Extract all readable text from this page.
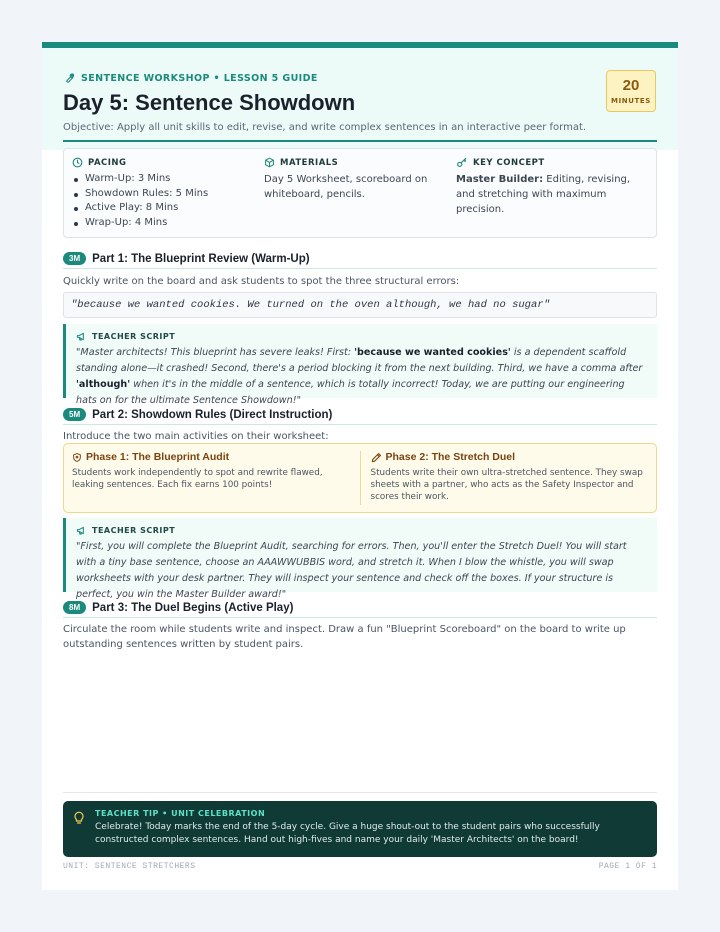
SENTENCE WORKSHOP • LESSON 5 GUIDE
Day 5: Sentence Showdown
Objective: Apply all unit skills to edit, revise, and write complex sentences in an interactive peer format.
20
MINUTES
PACING
Warm-Up: 3 Mins
Showdown Rules: 5 Mins
Active Play: 8 Mins
Wrap-Up: 4 Mins
MATERIALS
Day 5 Worksheet, scoreboard on whiteboard, pencils.
KEY CONCEPT
Master Builder: Editing, revising, and stretching with maximum precision.
3M	Part 1: The Blueprint Review (Warm-Up)
Quickly write on the board and ask students to spot the three structural errors:
"because we wanted cookies. We turned on the oven although, we had no sugar"
TEACHER SCRIPT
"Master architects! This blueprint has severe leaks! First: 'because we wanted cookies' is a dependent scaffold standing alone—it crashed! Second, there's a period blocking it from the next building. Third, we have a comma after 'although' when it's in the middle of a sentence, which is totally incorrect! Today, we are putting our engineering hats on for the ultimate Sentence Showdown!"
5M	Part 2: Showdown Rules (Direct Instruction)
Introduce the two main activities on their worksheet:
Phase 1: The Blueprint Audit
Students work independently to spot and rewrite flawed, leaking sentences. Each fix earns 100 points!
Phase 2: The Stretch Duel
Students write their own ultra-stretched sentence. They swap sheets with a partner, who acts as the Safety Inspector and scores their work.
TEACHER SCRIPT
"First, you will complete the Blueprint Audit, searching for errors. Then, you'll enter the Stretch Duel! You will start with a tiny base sentence, choose an AAAWWUBBIS word, and stretch it. When I blow the whistle, you will swap worksheets with your desk partner. They will inspect your sentence and check off the boxes. If your structure is perfect, you win the Master Builder award!"
8M	Part 3: The Duel Begins (Active Play)
Circulate the room while students write and inspect. Draw a fun "Blueprint Scoreboard" on the board to write up outstanding sentences written by student pairs.
TEACHER TIP • UNIT CELEBRATION
Celebrate! Today marks the end of the 5-day cycle. Give a huge shout-out to the student pairs who successfully constructed complex sentences. Hand out high-fives and name your daily 'Master Architects' on the board!
UNIT: SENTENCE STRETCHERS	PAGE 1 OF 1
